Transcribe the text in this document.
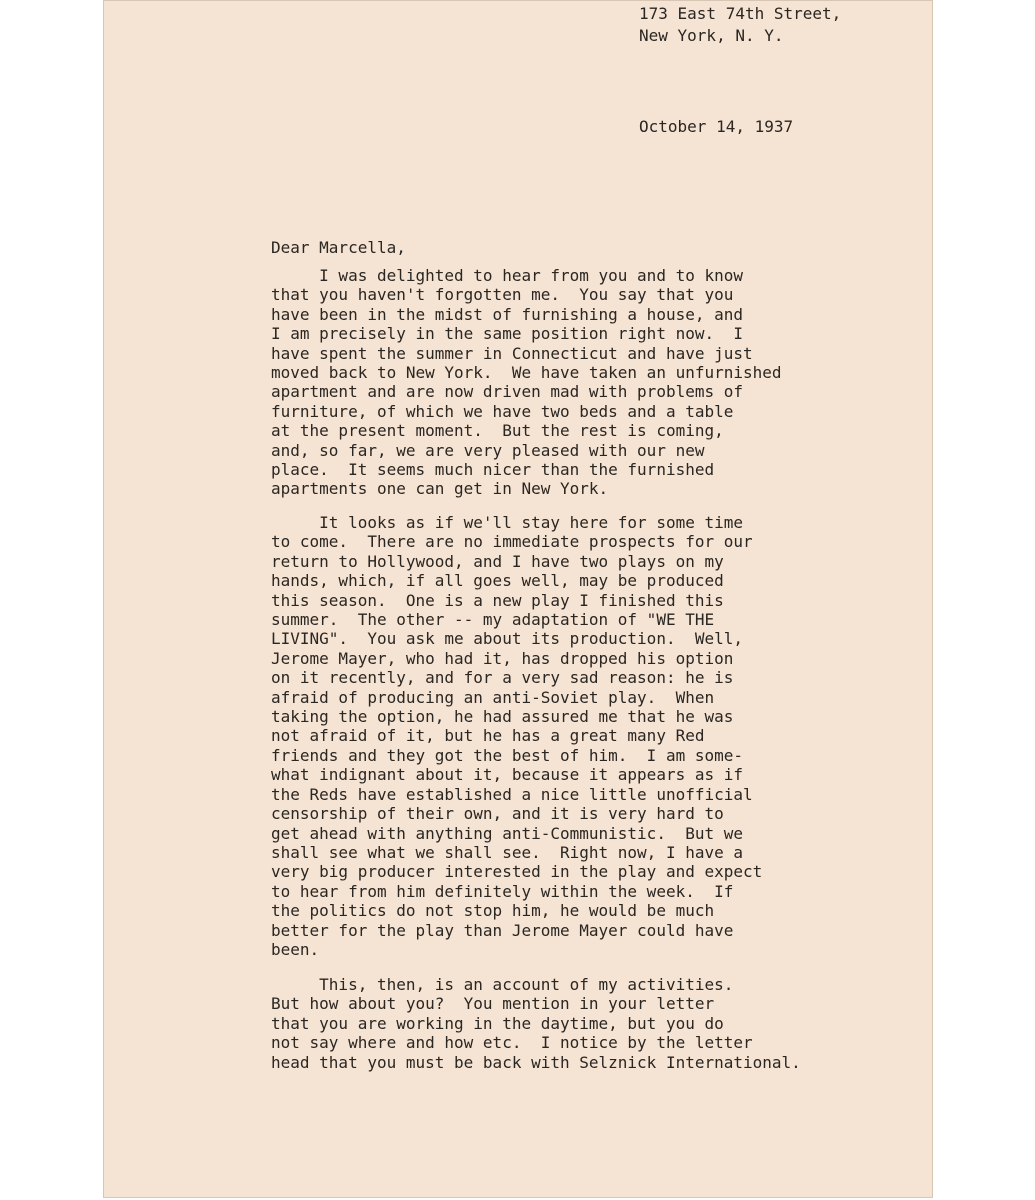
173 East 74th Street,
New York, N. Y.
October 14, 1937
Dear Marcella,
I was delighted to hear from you and to know
that you haven't forgotten me.  You say that you
have been in the midst of furnishing a house, and
I am precisely in the same position right now.  I
have spent the summer in Connecticut and have just
moved back to New York.  We have taken an unfurnished
apartment and are now driven mad with problems of
furniture, of which we have two beds and a table
at the present moment.  But the rest is coming,
and, so far, we are very pleased with our new
place.  It seems much nicer than the furnished
apartments one can get in New York.
It looks as if we'll stay here for some time
to come.  There are no immediate prospects for our
return to Hollywood, and I have two plays on my
hands, which, if all goes well, may be produced
this season.  One is a new play I finished this
summer.  The other -- my adaptation of "WE THE
LIVING".  You ask me about its production.  Well,
Jerome Mayer, who had it, has dropped his option
on it recently, and for a very sad reason: he is
afraid of producing an anti-Soviet play.  When
taking the option, he had assured me that he was
not afraid of it, but he has a great many Red
friends and they got the best of him.  I am some-
what indignant about it, because it appears as if
the Reds have established a nice little unofficial
censorship of their own, and it is very hard to
get ahead with anything anti-Communistic.  But we
shall see what we shall see.  Right now, I have a
very big producer interested in the play and expect
to hear from him definitely within the week.  If
the politics do not stop him, he would be much
better for the play than Jerome Mayer could have
been.
This, then, is an account of my activities.
But how about you?  You mention in your letter
that you are working in the daytime, but you do
not say where and how etc.  I notice by the letter
head that you must be back with Selznick International.
